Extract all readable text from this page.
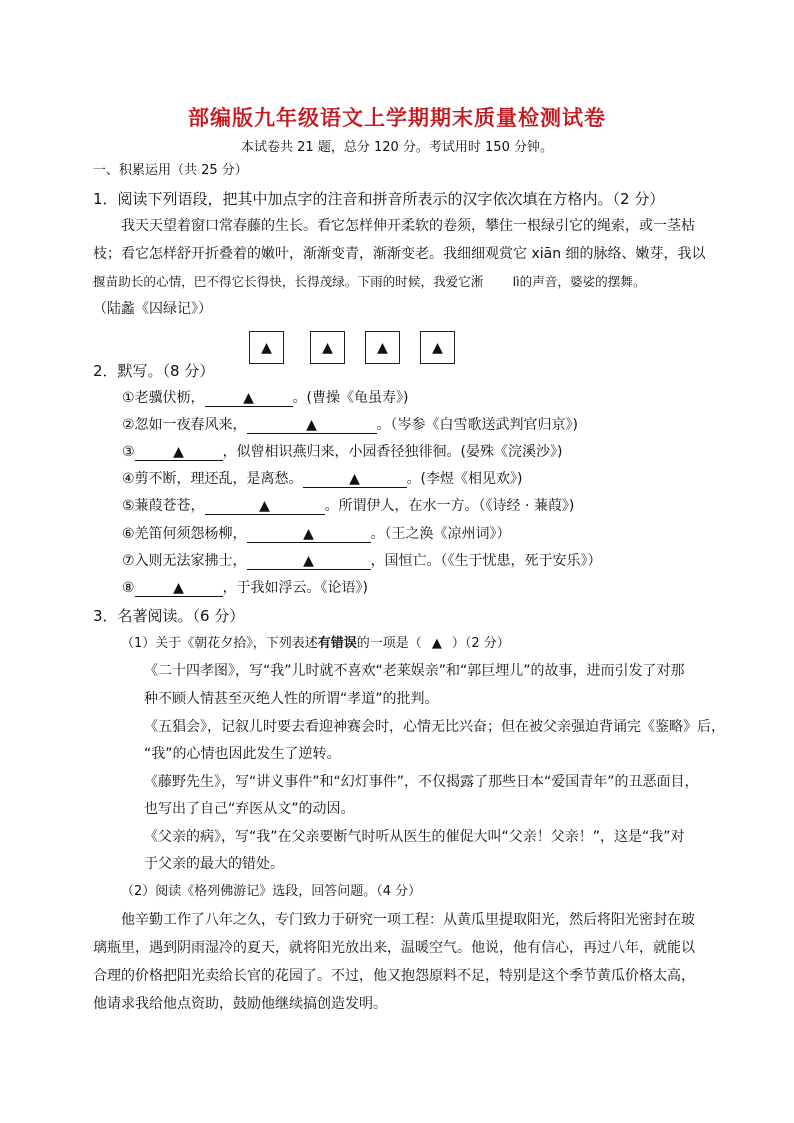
部编版九年级语文上学期期末质量检测试卷
本试卷共 21 题，总分 120 分。考试用时 150 分钟。
一、积累运用（共 25 分）
1．阅读下列语段，把其中加点字的注音和拼音所表示的汉字依次填在方格内。（2 分）
我天天望着窗口常春藤的生长。看它怎样伸开柔软的卷须，攀住一根绿引它的绳索，或一茎枯
枝；看它怎样舒开折叠着的嫩叶，渐渐变青，渐渐变老。我细细观赏它 xiān 细的脉络、嫩芽，我以
揠苗助长的心情，巴不得它长得快，长得茂绿。下雨的时候，我爱它淅　　 lì的声音，婆娑的摆舞。
（陆蠡《囚绿记》）
▲	▲	▲	▲
2．默写。（8 分）
①老骥伏枥，	▲	。(曹操《龟虽寿》)
②忽如一夜春风来，	▲	。（岑参《白雪歌送武判官归京》)
③	▲	，似曾相识燕归来，小园香径独徘徊。(晏殊《浣溪沙》)
④剪不断，理还乱，是离愁。	▲	。(李煜《相见欢》)
⑤蒹葭苍苍，	▲	。所谓伊人，在水一方。（《诗经 · 蒹葭》)
⑥羌笛何须怨杨柳，	▲	。（王之涣《凉州词》）
⑦入则无法家拂士，	▲	，国恒亡。（《生于忧患，死于安乐》）
⑧	▲	，于我如浮云。《论语》)
3．名著阅读。（6 分）
（1）关于《朝花夕拾》，下列表述有错误的一项是（ ▲ ）（2 分）
《二十四孝图》，写“我”儿时就不喜欢“老莱娱亲”和“郭巨埋儿”的故事，进而引发了对那
种不顾人情甚至灭绝人性的所谓“孝道”的批判。
《五猖会》，记叙儿时要去看迎神赛会时，心情无比兴奋；但在被父亲强迫背诵完《鉴略》后，
“我”的心情也因此发生了逆转。
《藤野先生》，写“讲义事件”和“幻灯事件”，不仅揭露了那些日本“爱国青年”的丑恶面目，
也写出了自己“弃医从文”的动因。
《父亲的病》，写“我”在父亲要断气时听从医生的催促大叫“父亲！父亲！”，这是“我”对
于父亲的最大的错处。
（2）阅读《格列佛游记》选段，回答问题。（4 分）
他辛勤工作了八年之久，专门致力于研究一项工程：从黄瓜里提取阳光，然后将阳光密封在玻
璃瓶里，遇到阴雨湿冷的夏天，就将阳光放出来，温暖空气。他说，他有信心，再过八年，就能以
合理的价格把阳光卖给长官的花园了。不过，他又抱怨原料不足，特别是这个季节黄瓜价格太高，
他请求我给他点资助，鼓励他继续搞创造发明。
